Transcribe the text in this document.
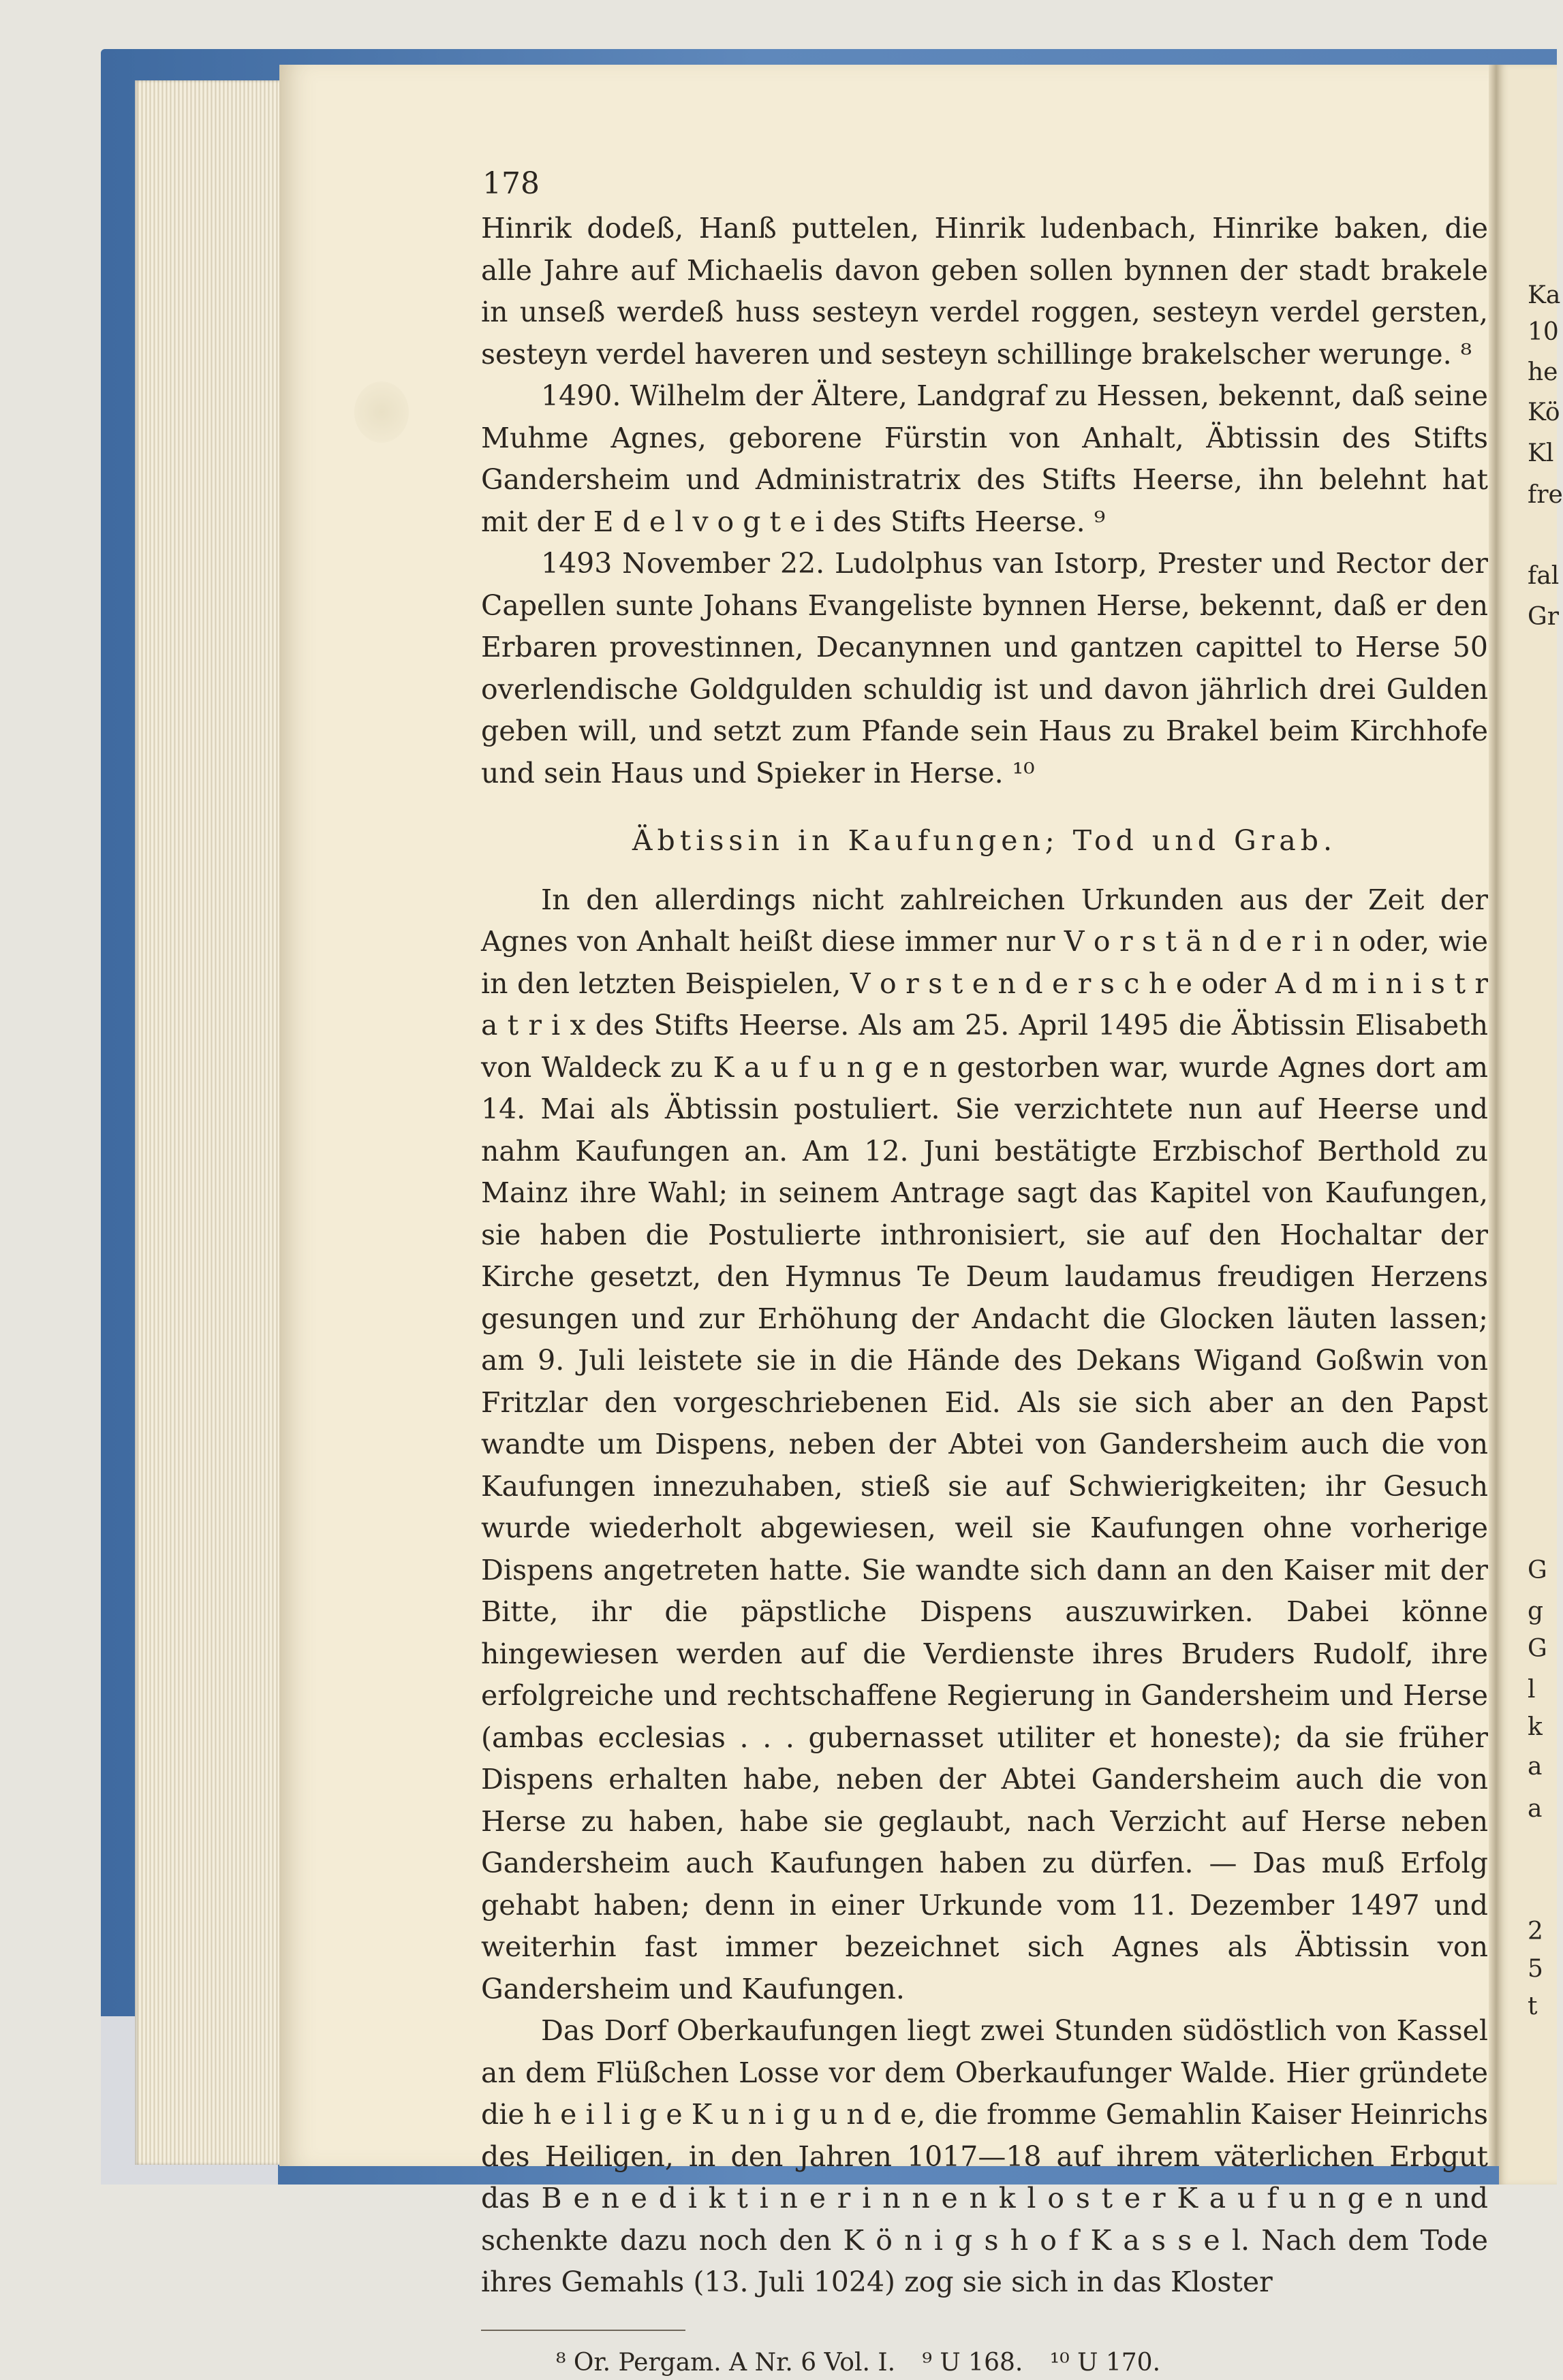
Ka
10
he
Kö
Kl
fre
fal
Gr
G
g
G
l
k
a
a
2
5
t
178

Hinrik dodeß, Hanß puttelen, Hinrik ludenbach, Hinrike baken, die alle Jahre auf Michaelis davon geben sollen bynnen der stadt brakele in unseß werdeß huss sesteyn verdel roggen, sesteyn verdel gersten, sesteyn verdel haveren und sesteyn schillinge brakelscher werunge. ⁸

1490. Wilhelm der Ältere, Landgraf zu Hessen, bekennt, daß seine Muhme Agnes, geborene Fürstin von Anhalt, Äbtissin des Stifts Gandersheim und Administratrix des Stifts Heerse, ihn belehnt hat mit der E d e l v o g t e i des Stifts Heerse. ⁹

1493 November 22. Ludolphus van Istorp, Prester und Rector der Capellen sunte Johans Evangeliste bynnen Herse, bekennt, daß er den Erbaren provestinnen, Decanynnen und gantzen capittel to Herse 50 overlendische Goldgulden schuldig ist und davon jährlich drei Gulden geben will, und setzt zum Pfande sein Haus zu Brakel beim Kirchhofe und sein Haus und Spieker in Herse. ¹⁰

Äbtissin in Kaufungen; Tod und Grab.

In den allerdings nicht zahlreichen Urkunden aus der Zeit der Agnes von Anhalt heißt diese immer nur V o r s t ä n d e r i n oder, wie in den letzten Beispielen, V o r s t e n d e r s c h e oder A d m i n i s t r a t r i x des Stifts Heerse. Als am 25. April 1495 die Äbtissin Elisabeth von Waldeck zu K a u f u n g e n gestorben war, wurde Agnes dort am 14. Mai als Äbtissin postuliert. Sie verzichtete nun auf Heerse und nahm Kaufungen an. Am 12. Juni bestätigte Erzbischof Berthold zu Mainz ihre Wahl; in seinem Antrage sagt das Kapitel von Kaufungen, sie haben die Postulierte inthronisiert, sie auf den Hochaltar der Kirche gesetzt, den Hymnus Te Deum laudamus freudigen Herzens gesungen und zur Erhöhung der Andacht die Glocken läuten lassen; am 9. Juli leistete sie in die Hände des Dekans Wigand Goßwin von Fritzlar den vorgeschriebenen Eid. Als sie sich aber an den Papst wandte um Dispens, neben der Abtei von Gandersheim auch die von Kaufungen innezuhaben, stieß sie auf Schwierigkeiten; ihr Gesuch wurde wiederholt abgewiesen, weil sie Kaufungen ohne vorherige Dispens angetreten hatte. Sie wandte sich dann an den Kaiser mit der Bitte, ihr die päpstliche Dispens auszuwirken. Dabei könne hingewiesen werden auf die Verdienste ihres Bruders Rudolf, ihre erfolgreiche und rechtschaffene Regierung in Gandersheim und Herse (ambas ecclesias . . . gubernasset utiliter et honeste); da sie früher Dispens erhalten habe, neben der Abtei Gandersheim auch die von Herse zu haben, habe sie geglaubt, nach Verzicht auf Herse neben Gandersheim auch Kaufungen haben zu dürfen. — Das muß Erfolg gehabt haben; denn in einer Urkunde vom 11. Dezember 1497 und weiterhin fast immer bezeichnet sich Agnes als Äbtissin von Gandersheim und Kaufungen.

Das Dorf Oberkaufungen liegt zwei Stunden südöstlich von Kassel an dem Flüßchen Losse vor dem Oberkaufunger Walde. Hier gründete die h e i l i g e K u n i g u n d e, die fromme Gemahlin Kaiser Heinrichs des Heiligen, in den Jahren 1017—18 auf ihrem väterlichen Erbgut das B e n e d i k t i n e r i n n e n k l o s t e r K a u f u n g e n und schenkte dazu noch den K ö n i g s h o f K a s s e l. Nach dem Tode ihres Gemahls (13. Juli 1024) zog sie sich in das Kloster

⁸ Or. Pergam. A Nr. 6 Vol. I. ⁹ U 168. ¹⁰ U 170.
